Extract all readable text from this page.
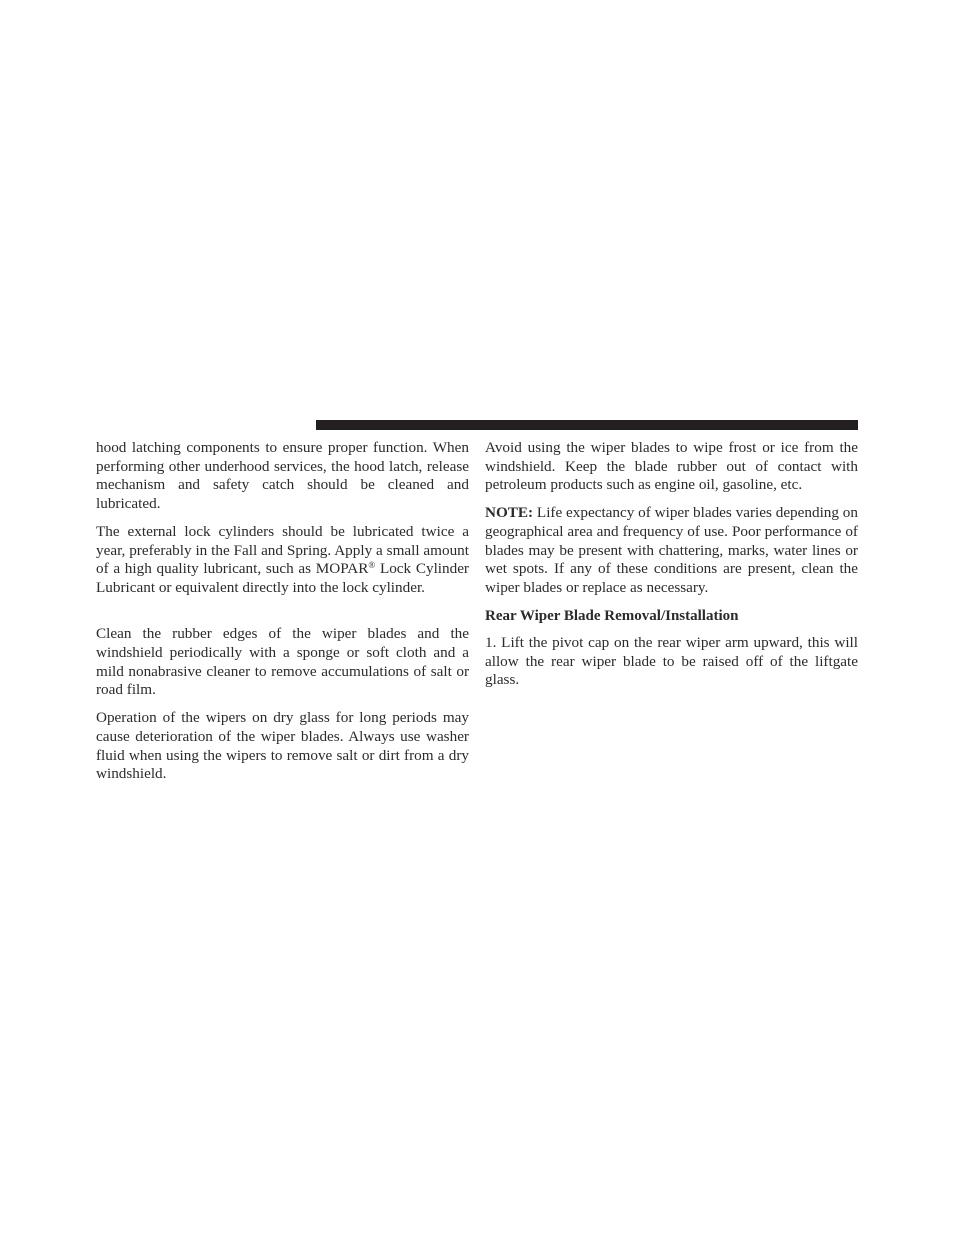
hood latching components to ensure proper function. When performing other underhood services, the hood latch, release mechanism and safety catch should be cleaned and lubricated.

The external lock cylinders should be lubricated twice a year, preferably in the Fall and Spring. Apply a small amount of a high quality lubricant, such as MOPAR® Lock Cylinder Lubricant or equivalent directly into the lock cylinder.

Clean the rubber edges of the wiper blades and the windshield periodically with a sponge or soft cloth and a mild nonabrasive cleaner to remove accumulations of salt or road film.

Operation of the wipers on dry glass for long periods may cause deterioration of the wiper blades. Always use washer fluid when using the wipers to remove salt or dirt from a dry windshield.

Avoid using the wiper blades to wipe frost or ice from the windshield. Keep the blade rubber out of contact with petroleum products such as engine oil, gasoline, etc.

NOTE: Life expectancy of wiper blades varies depending on geographical area and frequency of use. Poor performance of blades may be present with chattering, marks, water lines or wet spots. If any of these conditions are present, clean the wiper blades or replace as necessary.

Rear Wiper Blade Removal/Installation

1. Lift the pivot cap on the rear wiper arm upward, this will allow the rear wiper blade to be raised off of the liftgate glass.
